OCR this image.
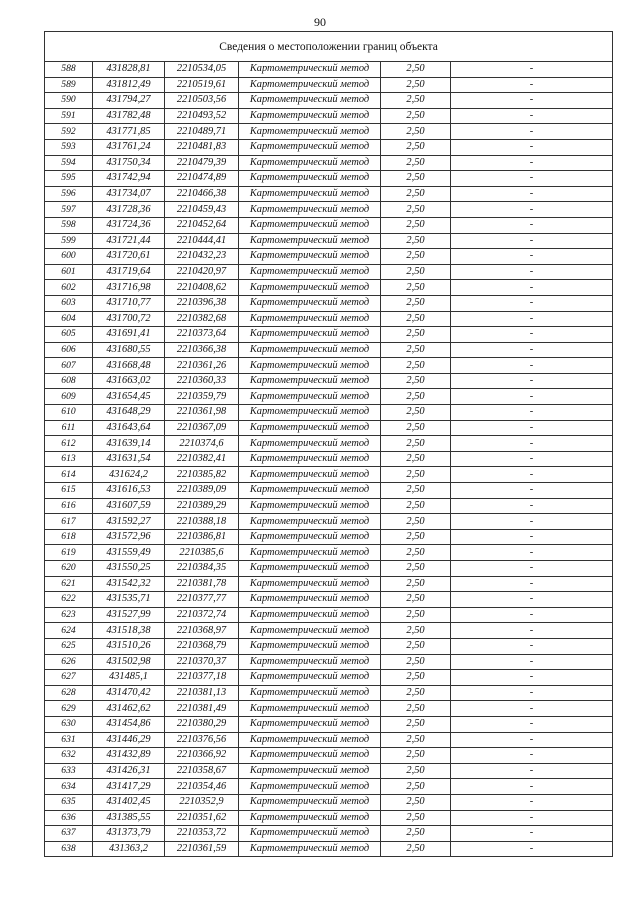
90
Сведения о местоположении границ объекта					
588	431828,81	2210534,05	Картометрический метод	2,50	-
589	431812,49	2210519,61	Картометрический метод	2,50	-
590	431794,27	2210503,56	Картометрический метод	2,50	-
591	431782,48	2210493,52	Картометрический метод	2,50	-
592	431771,85	2210489,71	Картометрический метод	2,50	-
593	431761,24	2210481,83	Картометрический метод	2,50	-
594	431750,34	2210479,39	Картометрический метод	2,50	-
595	431742,94	2210474,89	Картометрический метод	2,50	-
596	431734,07	2210466,38	Картометрический метод	2,50	-
597	431728,36	2210459,43	Картометрический метод	2,50	-
598	431724,36	2210452,64	Картометрический метод	2,50	-
599	431721,44	2210444,41	Картометрический метод	2,50	-
600	431720,61	2210432,23	Картометрический метод	2,50	-
601	431719,64	2210420,97	Картометрический метод	2,50	-
602	431716,98	2210408,62	Картометрический метод	2,50	-
603	431710,77	2210396,38	Картометрический метод	2,50	-
604	431700,72	2210382,68	Картометрический метод	2,50	-
605	431691,41	2210373,64	Картометрический метод	2,50	-
606	431680,55	2210366,38	Картометрический метод	2,50	-
607	431668,48	2210361,26	Картометрический метод	2,50	-
608	431663,02	2210360,33	Картометрический метод	2,50	-
609	431654,45	2210359,79	Картометрический метод	2,50	-
610	431648,29	2210361,98	Картометрический метод	2,50	-
611	431643,64	2210367,09	Картометрический метод	2,50	-
612	431639,14	2210374,6	Картометрический метод	2,50	-
613	431631,54	2210382,41	Картометрический метод	2,50	-
614	431624,2	2210385,82	Картометрический метод	2,50	-
615	431616,53	2210389,09	Картометрический метод	2,50	-
616	431607,59	2210389,29	Картометрический метод	2,50	-
617	431592,27	2210388,18	Картометрический метод	2,50	-
618	431572,96	2210386,81	Картометрический метод	2,50	-
619	431559,49	2210385,6	Картометрический метод	2,50	-
620	431550,25	2210384,35	Картометрический метод	2,50	-
621	431542,32	2210381,78	Картометрический метод	2,50	-
622	431535,71	2210377,77	Картометрический метод	2,50	-
623	431527,99	2210372,74	Картометрический метод	2,50	-
624	431518,38	2210368,97	Картометрический метод	2,50	-
625	431510,26	2210368,79	Картометрический метод	2,50	-
626	431502,98	2210370,37	Картометрический метод	2,50	-
627	431485,1	2210377,18	Картометрический метод	2,50	-
628	431470,42	2210381,13	Картометрический метод	2,50	-
629	431462,62	2210381,49	Картометрический метод	2,50	-
630	431454,86	2210380,29	Картометрический метод	2,50	-
631	431446,29	2210376,56	Картометрический метод	2,50	-
632	431432,89	2210366,92	Картометрический метод	2,50	-
633	431426,31	2210358,67	Картометрический метод	2,50	-
634	431417,29	2210354,46	Картометрический метод	2,50	-
635	431402,45	2210352,9	Картометрический метод	2,50	-
636	431385,55	2210351,62	Картометрический метод	2,50	-
637	431373,79	2210353,72	Картометрический метод	2,50	-
638	431363,2	2210361,59	Картометрический метод	2,50	-
